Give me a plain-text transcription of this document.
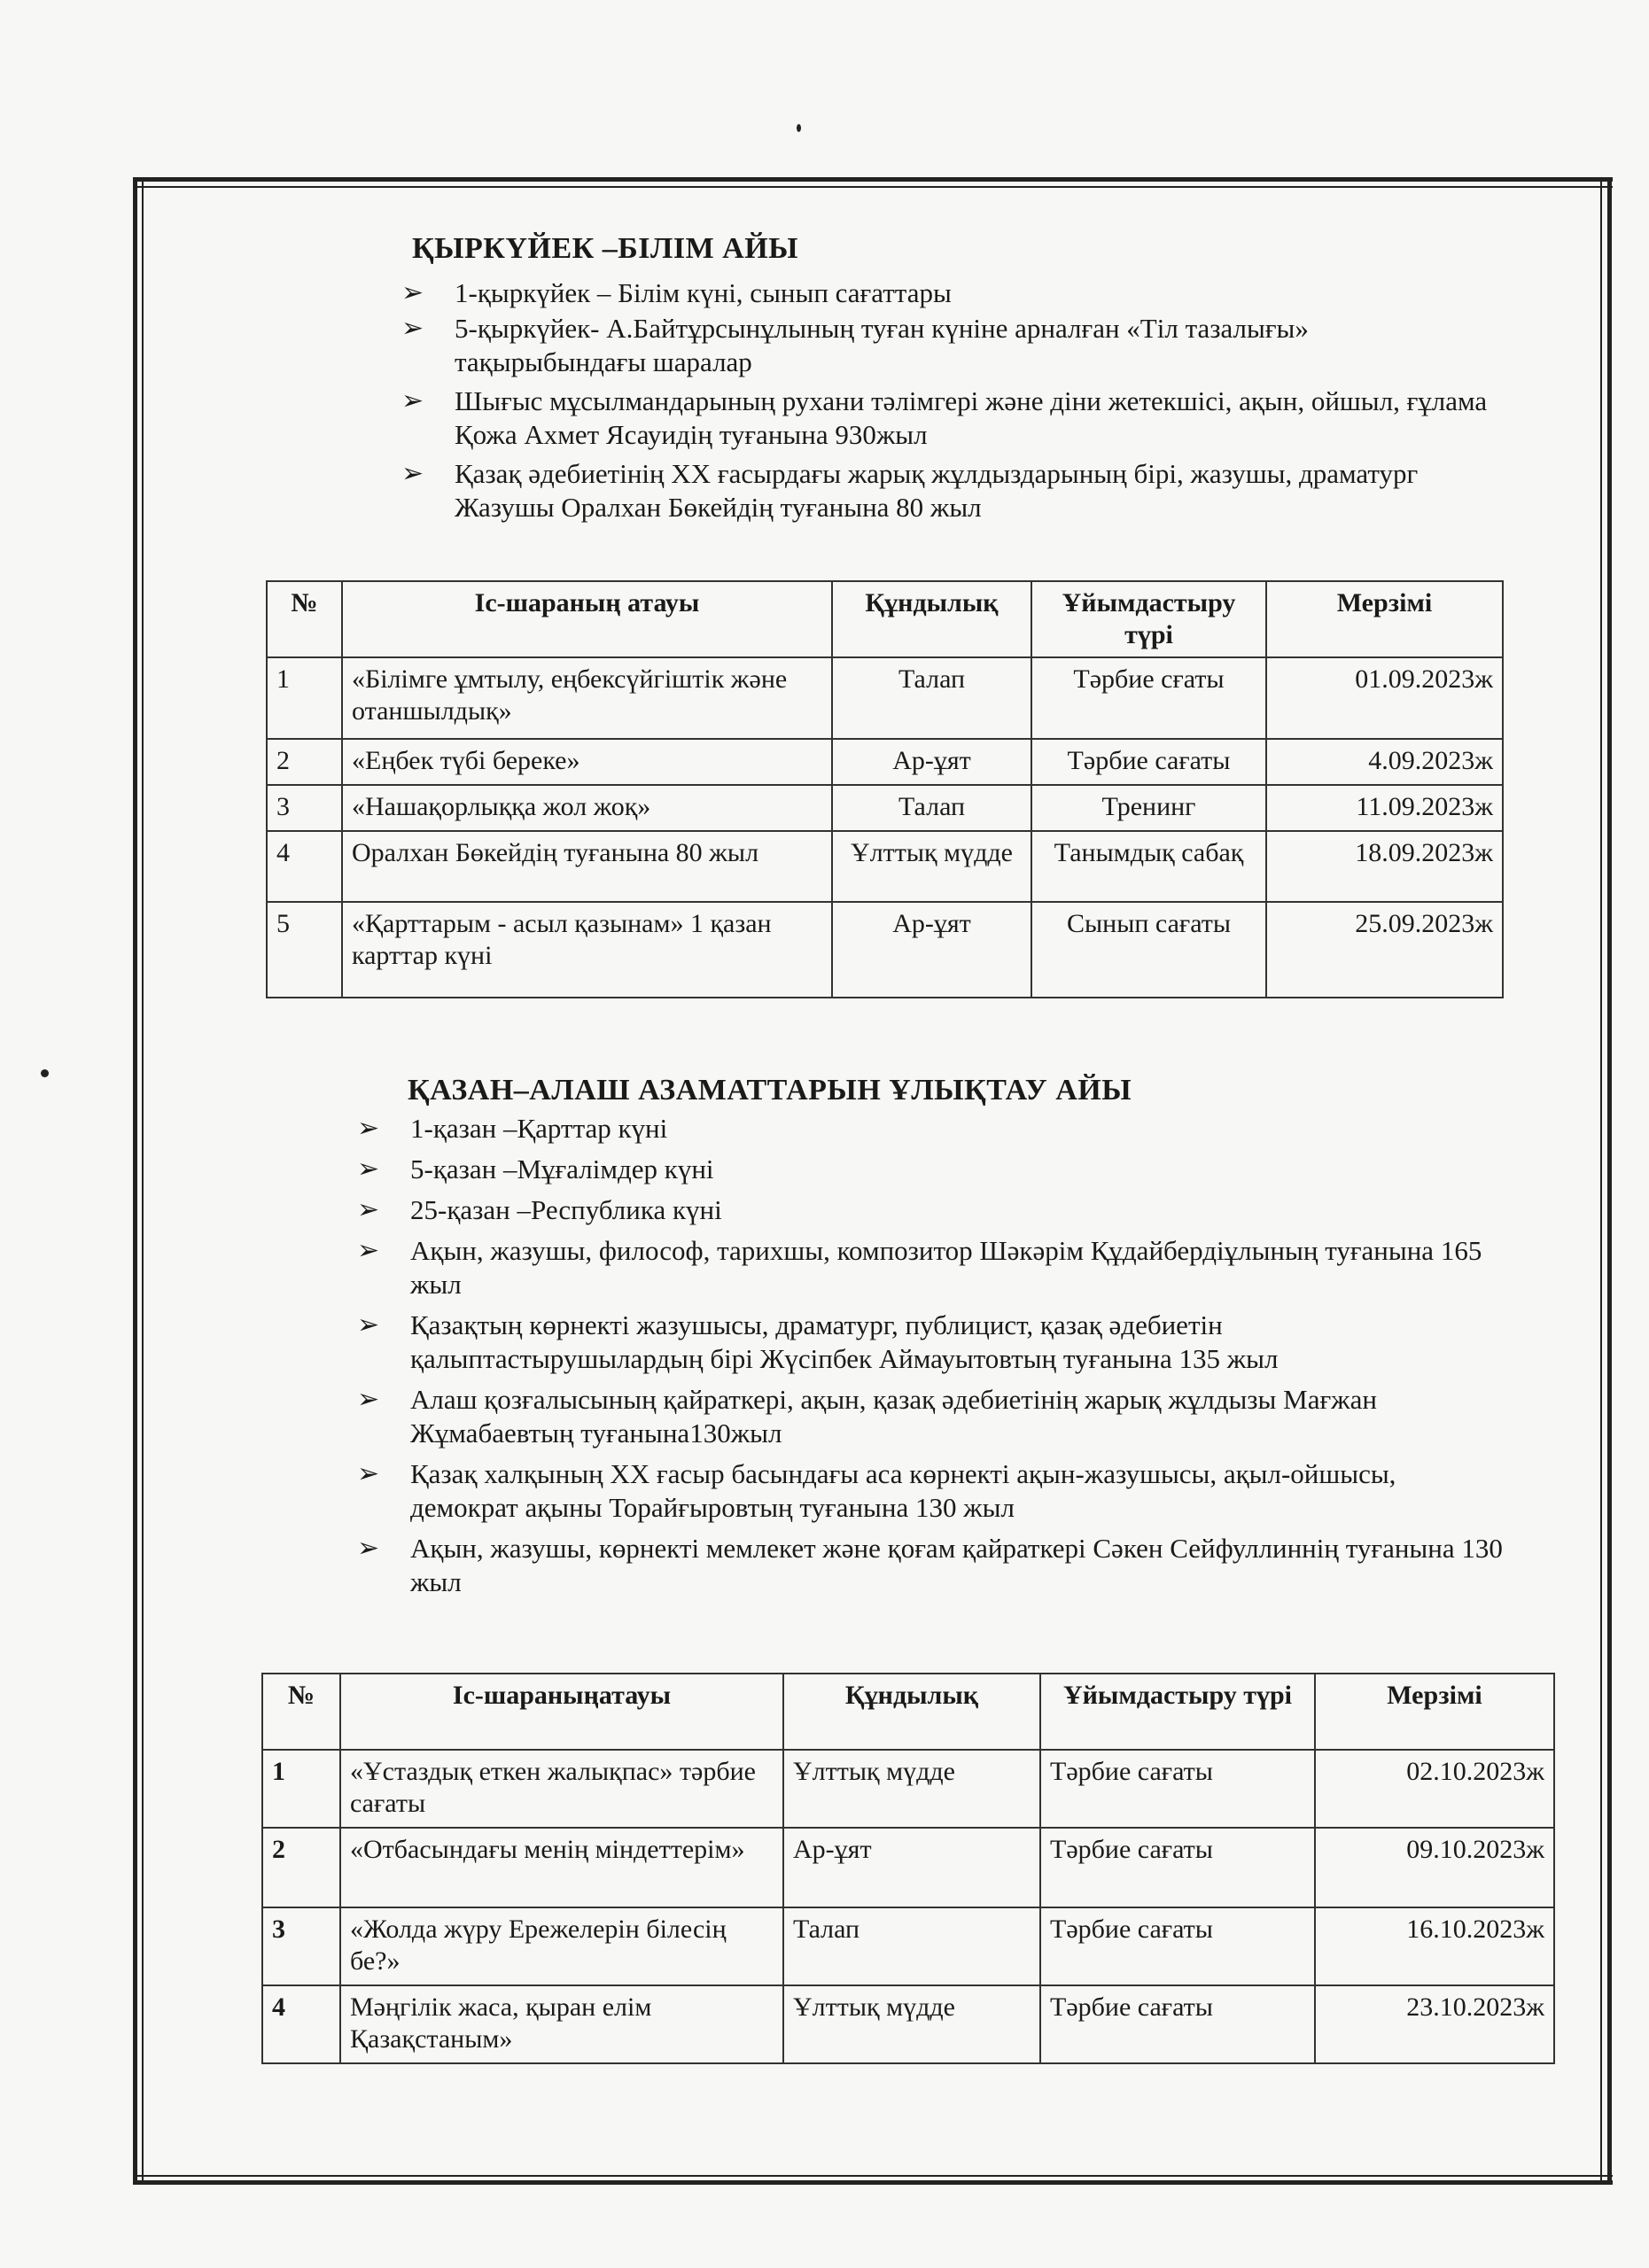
ҚЫРКҮЙЕК –БІЛІМ АЙЫ
➢ 1-қыркүйек – Білім күні, сынып сағаттары
➢ 5-қыркүйек- А.Байтұрсынұлының туған күніне арналған «Тіл тазалығы» тақырыбындағы шаралар
➢ Шығыс мұсылмандарының рухани тәлімгері және діни жетекшісі, ақын, ойшыл, ғұлама Қожа Ахмет Ясауидің туғанына 930жыл
➢ Қазақ әдебиетінің ХХ ғасырдағы жарық жұлдыздарының бірі, жазушы, драматург Жазушы Оралхан Бөкейдің туғанына 80 жыл
№	Іс-шараның атауы	Құндылық	Ұйымдастыру түрі	Мерзімі
1	«Білімге ұмтылу, еңбексүйгіштік және отаншылдық»	Талап	Тәрбие сғаты	01.09.2023ж
2	«Еңбек түбі береке»	Ар-ұят	Тәрбие сағаты	4.09.2023ж
3	«Нашақорлыққа жол жоқ»	Талап	Тренинг	11.09.2023ж
4	Оралхан Бөкейдің туғанына 80 жыл	Ұлттық мүдде	Танымдық сабақ	18.09.2023ж
5	«Қарттарым - асыл қазынам» 1 қазан карттар күні	Ар-ұят	Сынып сағаты	25.09.2023ж
ҚАЗАН–АЛАШ АЗАМАТТАРЫН ҰЛЫҚТАУ АЙЫ
➢ 1-қазан –Қарттар күні
➢ 5-қазан –Мұғалімдер күні
➢ 25-қазан –Республика күні
➢ Ақын, жазушы, философ, тарихшы, композитор Шәкәрім Құдайбердіұлының туғанына 165 жыл
➢ Қазақтың көрнекті жазушысы, драматург, публицист, қазақ әдебиетін қалыптастырушылардың бірі Жүсіпбек Аймауытовтың туғанына 135 жыл
➢ Алаш қозғалысының қайраткері, ақын, қазақ әдебиетінің жарық жұлдызы Мағжан Жұмабаевтың туғанына130жыл
➢ Қазақ халқының ХХ ғасыр басындағы аса көрнекті ақын-жазушысы, ақыл-ойшысы, демократ ақыны Торайғыровтың туғанына 130 жыл
➢ Ақын, жазушы, көрнекті мемлекет және қоғам қайраткері Сәкен Сейфуллиннің туғанына 130 жыл
№	Іс-шараныңатауы	Құндылық	Ұйымдастыру түрі	Мерзімі
1	«Ұстаздық еткен жалықпас» тәрбие сағаты	Ұлттық мүдде	Тәрбие сағаты	02.10.2023ж
2	«Отбасындағы менің міндеттерім»	Ар-ұят	Тәрбие сағаты	09.10.2023ж
3	«Жолда жүру Ережелерін білесің бе?»	Талап	Тәрбие сағаты	16.10.2023ж
4	Мәңгілік жаса, қыран елім Қазақстаным»	Ұлттық мүдде	Тәрбие сағаты	23.10.2023ж
